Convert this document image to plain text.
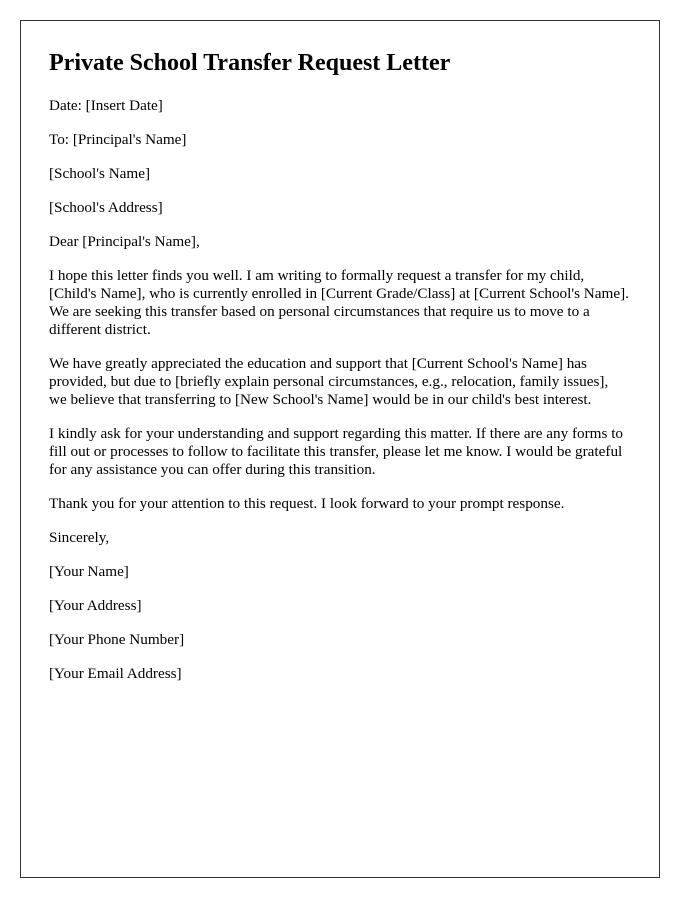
Private School Transfer Request Letter

Date: [Insert Date]

To: [Principal's Name]

[School's Name]

[School's Address]

Dear [Principal's Name],

I hope this letter finds you well. I am writing to formally request a transfer for my child, [Child's Name], who is currently enrolled in [Current Grade/Class] at [Current School's Name]. We are seeking this transfer based on personal circumstances that require us to move to a different district.

We have greatly appreciated the education and support that [Current School's Name] has provided, but due to [briefly explain personal circumstances, e.g., relocation, family issues], we believe that transferring to [New School's Name] would be in our child's best interest.

I kindly ask for your understanding and support regarding this matter. If there are any forms to fill out or processes to follow to facilitate this transfer, please let me know. I would be grateful for any assistance you can offer during this transition.

Thank you for your attention to this request. I look forward to your prompt response.

Sincerely,

[Your Name]

[Your Address]

[Your Phone Number]

[Your Email Address]
